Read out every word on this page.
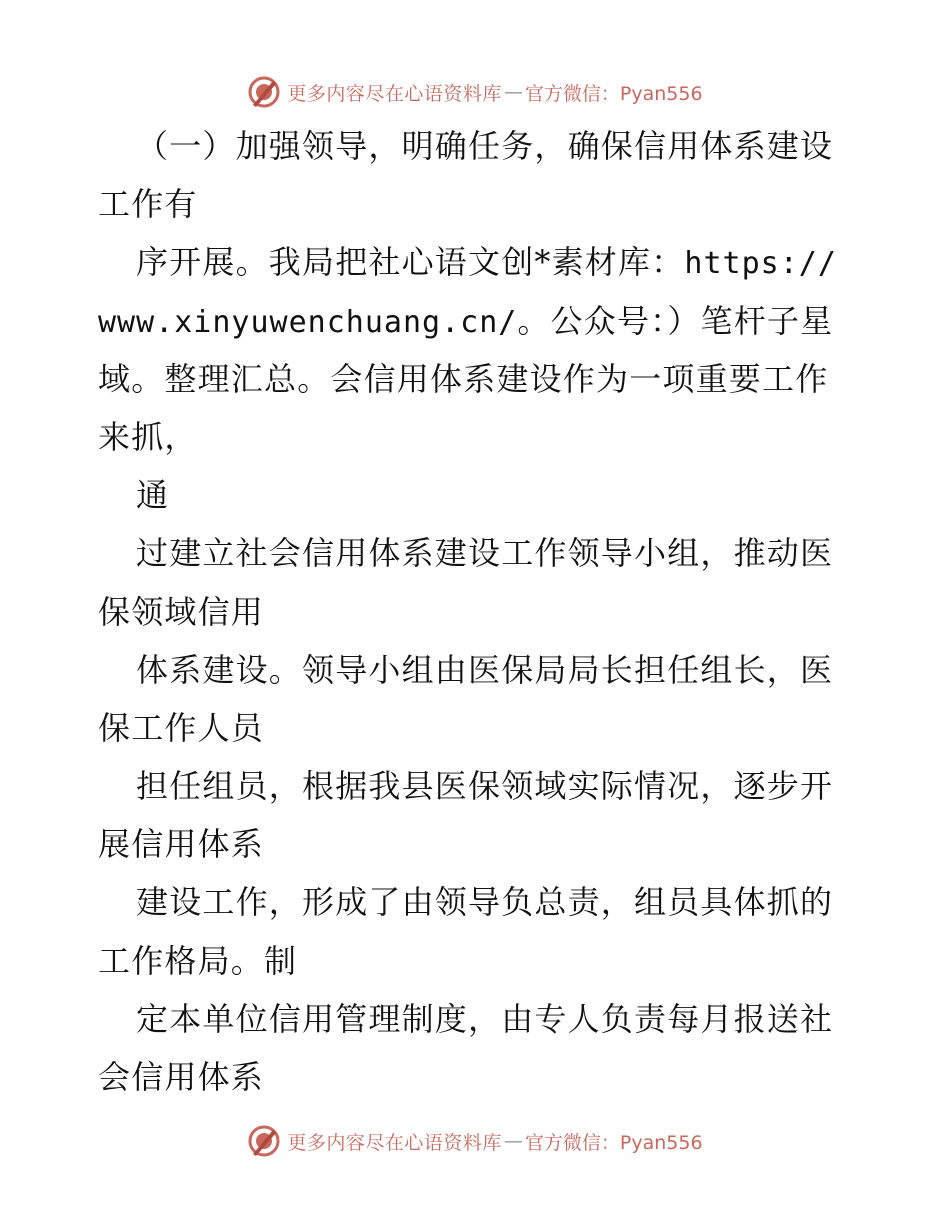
更多内容尽在心语资料库 — 官方微信：Pyan556
（一）加强领导，明确任务，确保信用体系建设
工作有
序开展。我局把社心语文创*素材库：https://
www.xinyuwenchuang.cn/。公众号：）笔杆子星
域。整理汇总。会信用体系建设作为一项重要工作
来抓，
通
过建立社会信用体系建设工作领导小组，推动医
保领域信用
体系建设。领导小组由医保局局长担任组长，医
保工作人员
担任组员，根据我县医保领域实际情况，逐步开
展信用体系
建设工作，形成了由领导负总责，组员具体抓的
工作格局。制
定本单位信用管理制度，由专人负责每月报送社
会信用体系
更多内容尽在心语资料库 — 官方微信：Pyan556
